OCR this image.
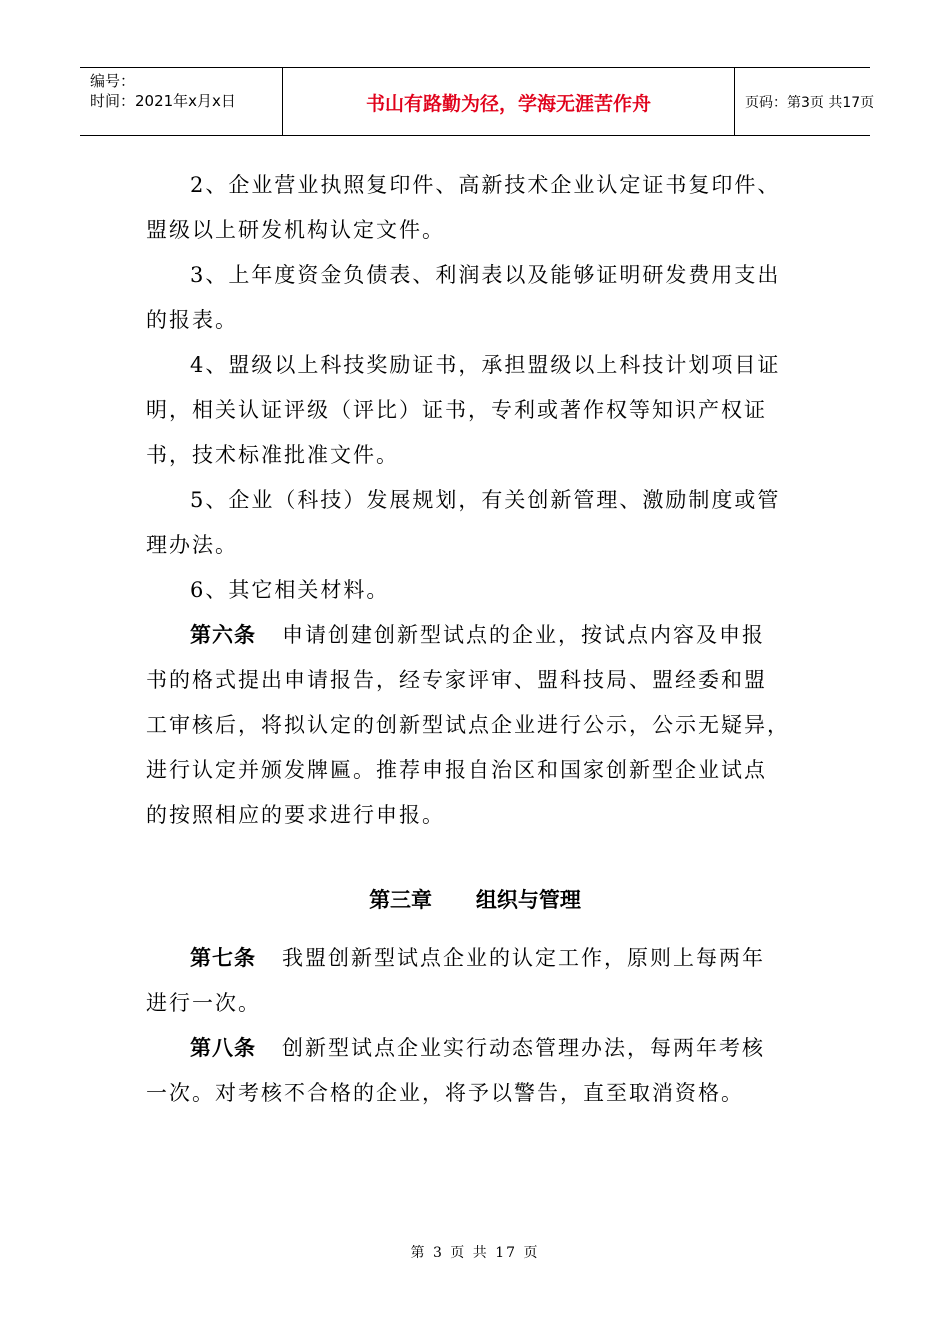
编号：
时间：2021年x月x日	书山有路勤为径，学海无涯苦作舟	页码：第3页 共17页
2、企业营业执照复印件、高新技术企业认定证书复印件、
盟级以上研发机构认定文件。
3、上年度资金负债表、利润表以及能够证明研发费用支出
的报表。
4、盟级以上科技奖励证书，承担盟级以上科技计划项目证
明，相关认证评级（评比）证书，专利或著作权等知识产权证
书，技术标准批准文件。
5、企业（科技）发展规划，有关创新管理、激励制度或管
理办法。
6、其它相关材料。
第六条 申请创建创新型试点的企业，按试点内容及申报
书的格式提出申请报告，经专家评审、盟科技局、盟经委和盟
工审核后，将拟认定的创新型试点企业进行公示，公示无疑异，
进行认定并颁发牌匾。推荐申报自治区和国家创新型企业试点
的按照相应的要求进行申报。
第三章      组织与管理
第七条 我盟创新型试点企业的认定工作，原则上每两年
进行一次。
第八条 创新型试点企业实行动态管理办法，每两年考核
一次。对考核不合格的企业，将予以警告，直至取消资格。
第 3 页 共 17 页
